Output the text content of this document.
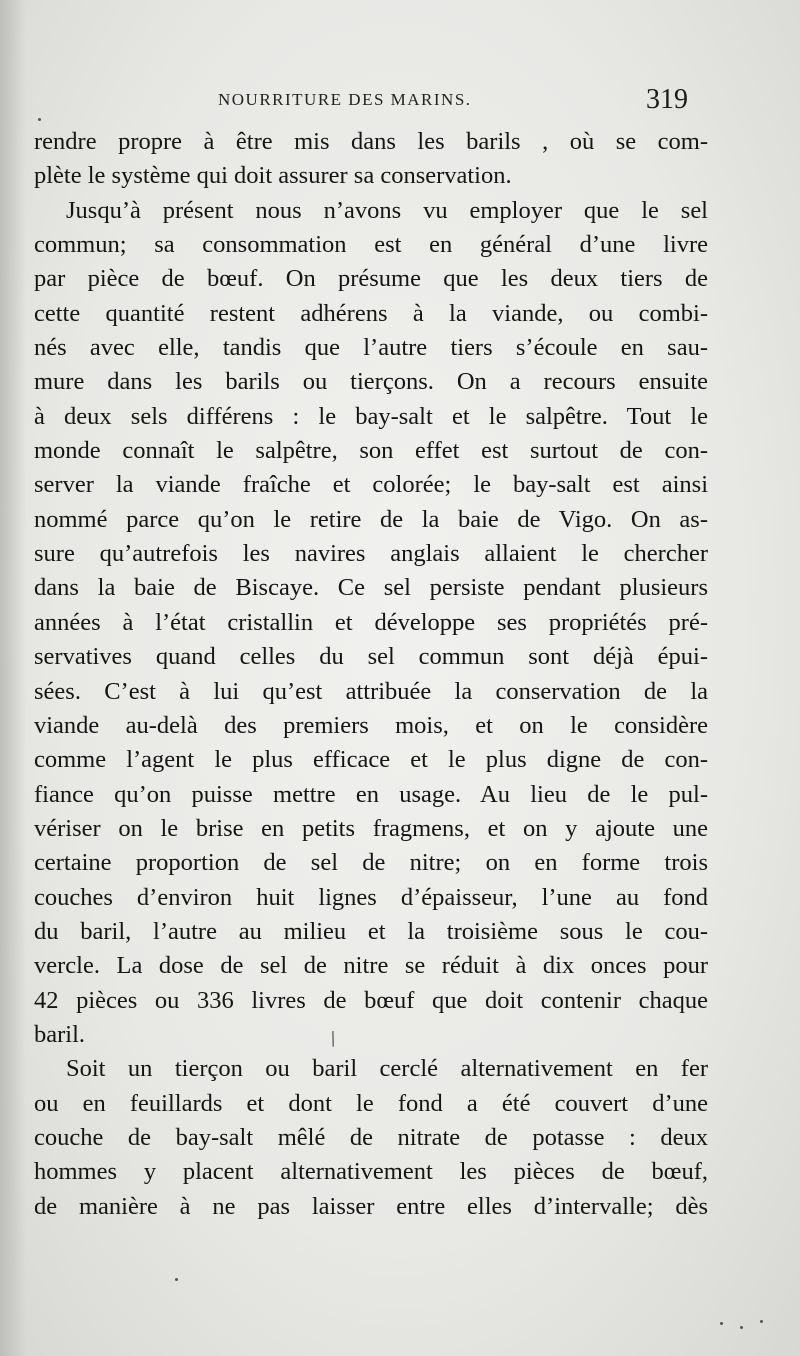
NOURRITURE DES MARINS.	319
rendre propre à être mis dans les barils , où se com-
plète le système qui doit assurer sa conservation.
Jusqu’à présent nous n’avons vu employer que le sel
commun; sa consommation est en général d’une livre
par pièce de bœuf. On présume que les deux tiers de
cette quantité restent adhérens à la viande, ou combi-
nés avec elle, tandis que l’autre tiers s’écoule en sau-
mure dans les barils ou tierçons. On a recours ensuite
à deux sels différens : le bay-salt et le salpêtre. Tout le
monde connaît le salpêtre, son effet est surtout de con-
server la viande fraîche et colorée; le bay-salt est ainsi
nommé parce qu’on le retire de la baie de Vigo. On as-
sure qu’autrefois les navires anglais allaient le chercher
dans la baie de Biscaye. Ce sel persiste pendant plusieurs
années à l’état cristallin et développe ses propriétés pré-
servatives quand celles du sel commun sont déjà épui-
sées. C’est à lui qu’est attribuée la conservation de la
viande au-delà des premiers mois, et on le considère
comme l’agent le plus efficace et le plus digne de con-
fiance qu’on puisse mettre en usage. Au lieu de le pul-
vériser on le brise en petits fragmens, et on y ajoute une
certaine proportion de sel de nitre; on en forme trois
couches d’environ huit lignes d’épaisseur, l’une au fond
du baril, l’autre au milieu et la troisième sous le cou-
vercle. La dose de sel de nitre se réduit à dix onces pour
42 pièces ou 336 livres de bœuf que doit contenir chaque
baril.
Soit un tierçon ou baril cerclé alternativement en fer
ou en feuillards et dont le fond a été couvert d’une
couche de bay-salt mêlé de nitrate de potasse : deux
hommes y placent alternativement les pièces de bœuf,
de manière à ne pas laisser entre elles d’intervalle; dès
/
